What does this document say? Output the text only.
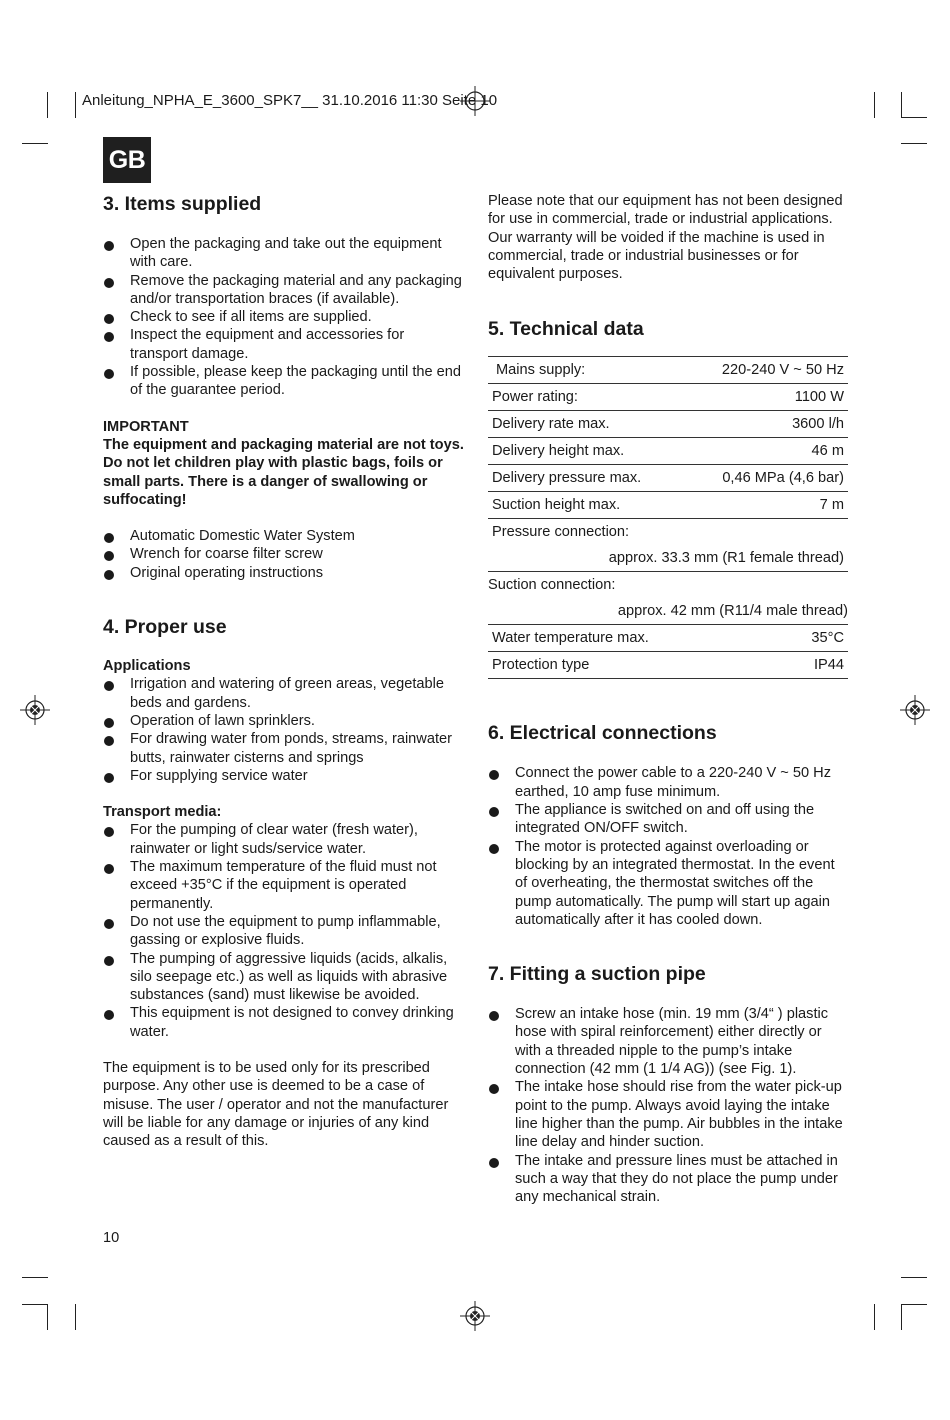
Anleitung_NPHA_E_3600_SPK7__ 31.10.2016 11:30 Seite 10
GB
3. Items supplied
Open the packaging and take out the equipment with care.
Remove the packaging material and any packaging and/or transportation braces (if available).
Check to see if all items are supplied.
Inspect the equipment and accessories for transport damage.
If possible, please keep the packaging until the end of the guarantee period.
IMPORTANT

The equipment and packaging material are not toys. Do not let children play with plastic bags, foils or small parts. There is a danger of swallowing or suffocating!

Automatic Domestic Water System
Wrench for coarse filter screw
Original operating instructions
4. Proper use
Applications
Irrigation and watering of green areas, vegetable beds and gardens.
Operation of lawn sprinklers.
For drawing water from ponds, streams, rainwater butts, rainwater cisterns and springs
For supplying service water
Transport media:
For the pumping of clear water (fresh water), rainwater or light suds/service water.
The maximum temperature of the fluid must not exceed +35°C if the equipment is operated permanently.
Do not use the equipment to pump inflammable, gassing or explosive fluids.
The pumping of aggressive liquids (acids, alkalis, silo seepage etc.) as well as liquids with abrasive substances (sand) must likewise be avoided.
This equipment is not designed to convey drinking water.

The equipment is to be used only for its prescribed purpose. Any other use is deemed to be a case of misuse. The user / operator and not the manufacturer will be liable for any damage or injuries of any kind caused as a result of this.

Please note that our equipment has not been designed for use in commercial, trade or industrial applications. Our warranty will be voided if the machine is used in commercial, trade or industrial businesses or for equivalent purposes.

5. Technical data
Mains supply:	220-240 V ~ 50 Hz
Power rating:	1100 W
Delivery rate max.	3600 l/h
Delivery height max.	46 m
Delivery pressure max.	0,46 MPa (4,6 bar)
Suction height max.	7 m
Pressure connection:	
approx. 33.3 mm (R1 female thread)	
Suction connection:	
approx. 42 mm (R11/4 male thread)	
Water temperature max.	35°C
Protection type	IP44
6. Electrical connections
Connect the power cable to a 220-240 V ~ 50 Hz earthed, 10 amp fuse minimum.
The appliance is switched on and off using the integrated ON/OFF switch.
The motor is protected against overloading or blocking by an integrated thermostat. In the event of overheating, the thermostat switches off the pump automatically. The pump will start up again automatically after it has cooled down.
7. Fitting a suction pipe
Screw an intake hose (min. 19 mm (3/4“ ) plastic hose with spiral reinforcement) either directly or with a threaded nipple to the pump’s intake connection (42 mm (1 1/4 AG)) (see Fig. 1).
The intake hose should rise from the water pick-up point to the pump. Always avoid laying the intake line higher than the pump. Air bubbles in the intake line delay and hinder suction.
The intake and pressure lines must be attached in such a way that they do not place the pump under any mechanical strain.
10
